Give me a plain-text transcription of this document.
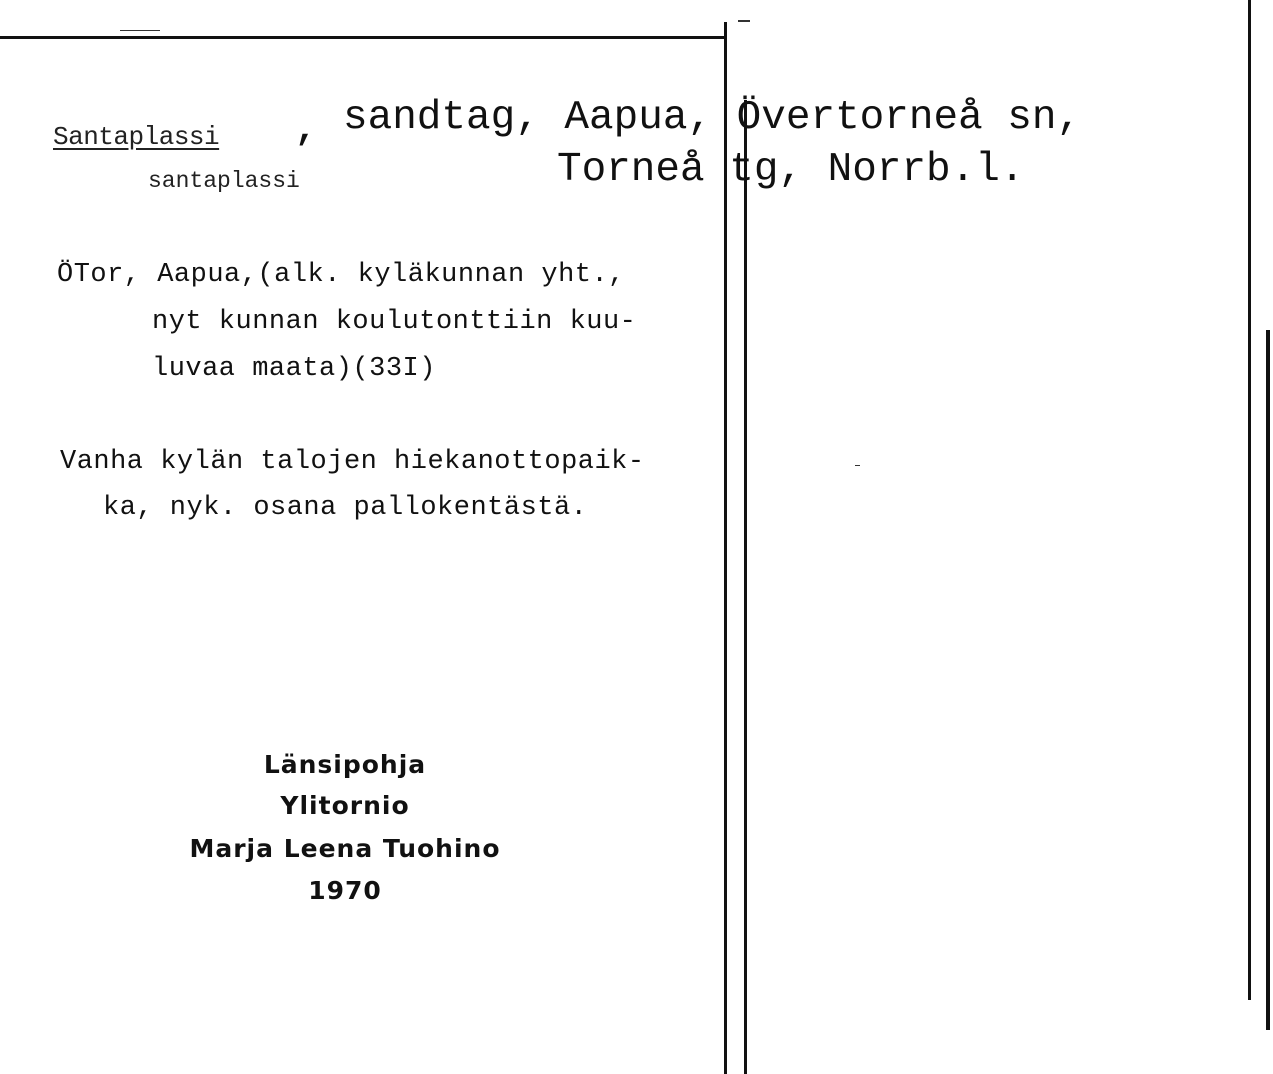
Santaplassi , sandtag, Aapua, Övertorneå sn,
Torneå tg, Norrb.l.
santaplassi
ÖTor, Aapua,(alk. kyläkunnan yht.,
nyt kunnan koulutonttiin kuu-
luvaa maata)(33I)
Vanha kylän talojen hiekanottopaik-
ka, nyk. osana pallokentästä.
Länsipohja
Ylitornio
Marja Leena Tuohino
1970
